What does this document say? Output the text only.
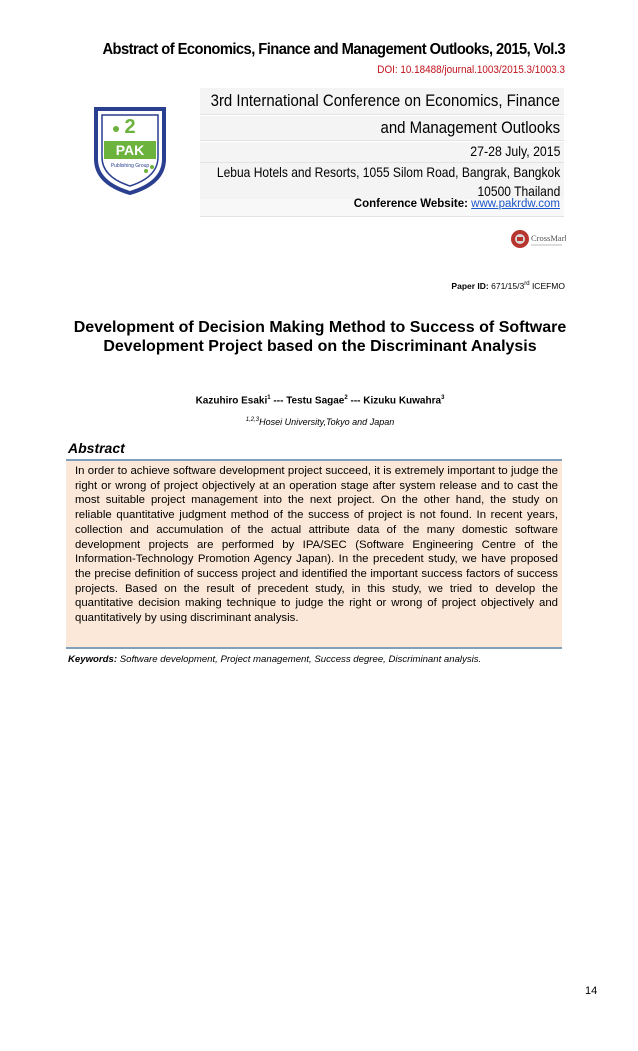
Abstract of Economics, Finance and Management Outlooks, 2015, Vol.3
DOI: 10.18488/journal.1003/2015.3/1003.3
2
PAK
Publishing Group
3rd International Conference on Economics, Finance
and Management Outlooks
27-28 July, 2015
Lebua Hotels and Resorts, 1055 Silom Road, Bangrak, Bangkok
10500 Thailand
Conference Website: www.pakrdw.com
CrossMark
Paper ID: 671/15/3rd ICEFMO
Development of Decision Making Method to Success of Software Development Project based on the Discriminant Analysis
Kazuhiro Esaki$^1$ --- Testu Sagae$^2$ --- Kizuku Kuwahra$^3$
$^{1,2,3}$Hosei University,Tokyo and Japan
Abstract
In order to achieve software development project succeed, it is extremely important to judge the right or wrong of project objectively at an operation stage after system release and to cast the most suitable project management into the next project. On the other hand, the study on reliable quantitative judgment method of the success of project is not found. In recent years, collection and accumulation of the actual attribute data of the many domestic software development projects are performed by IPA/SEC (Software Engineering Centre of the Information-Technology Promotion Agency Japan). In the precedent study, we have proposed the precise definition of success project and identified the important success factors of success projects. Based on the result of precedent study, in this study, we tried to develop the quantitative decision making technique to judge the right or wrong of project objectively and quantitatively by using discriminant analysis.
Keywords: Software development, Project management, Success degree, Discriminant analysis.
14
